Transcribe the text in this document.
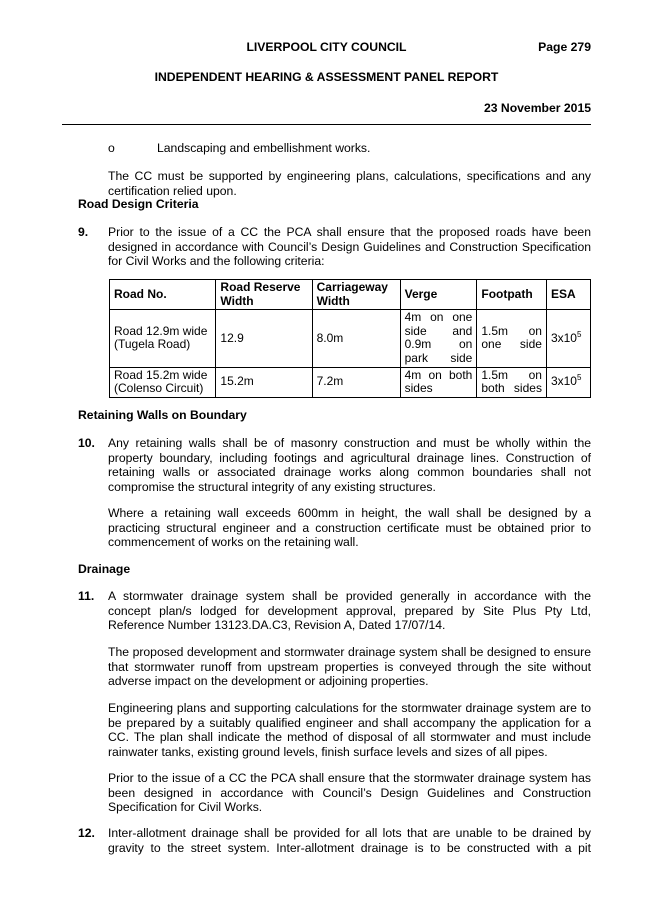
LIVERPOOL CITY COUNCIL	Page 279
INDEPENDENT HEARING & ASSESSMENT PANEL REPORT
23 November 2015
o	Landscaping and embellishment works.
The CC must be supported by engineering plans, calculations, specifications and any certification relied upon.
Road Design Criteria
9. Prior to the issue of a CC the PCA shall ensure that the proposed roads have been designed in accordance with Council’s Design Guidelines and Construction Specification for Civil Works and the following criteria:
Road No.	Road Reserve Width	Carriageway Width	Verge	Footpath	ESA
Road 12.9m wide (Tugela Road)	12.9	8.0m	4m on one side and 0.9m on park side	1.5m on one side	$3x10^5$
Road 15.2m wide (Colenso Circuit)	15.2m	7.2m	4m on both sides	1.5m on both sides	$3x10^5$
Retaining Walls on Boundary
10. Any retaining walls shall be of masonry construction and must be wholly within the property boundary, including footings and agricultural drainage lines. Construction of retaining walls or associated drainage works along common boundaries shall not compromise the structural integrity of any existing structures.
Where a retaining wall exceeds 600mm in height, the wall shall be designed by a practicing structural engineer and a construction certificate must be obtained prior to commencement of works on the retaining wall.
Drainage
11. A stormwater drainage system shall be provided generally in accordance with the concept plan/s lodged for development approval, prepared by Site Plus Pty Ltd, Reference Number 13123.DA.C3, Revision A, Dated 17/07/14.
The proposed development and stormwater drainage system shall be designed to ensure that stormwater runoff from upstream properties is conveyed through the site without adverse impact on the development or adjoining properties.
Engineering plans and supporting calculations for the stormwater drainage system are to be prepared by a suitably qualified engineer and shall accompany the application for a CC. The plan shall indicate the method of disposal of all stormwater and must include rainwater tanks, existing ground levels, finish surface levels and sizes of all pipes.
Prior to the issue of a CC the PCA shall ensure that the stormwater drainage system has been designed in accordance with Council’s Design Guidelines and Construction Specification for Civil Works.
12. Inter-allotment drainage shall be provided for all lots that are unable to be drained by gravity to the street system. Inter-allotment drainage is to be constructed with a pit
